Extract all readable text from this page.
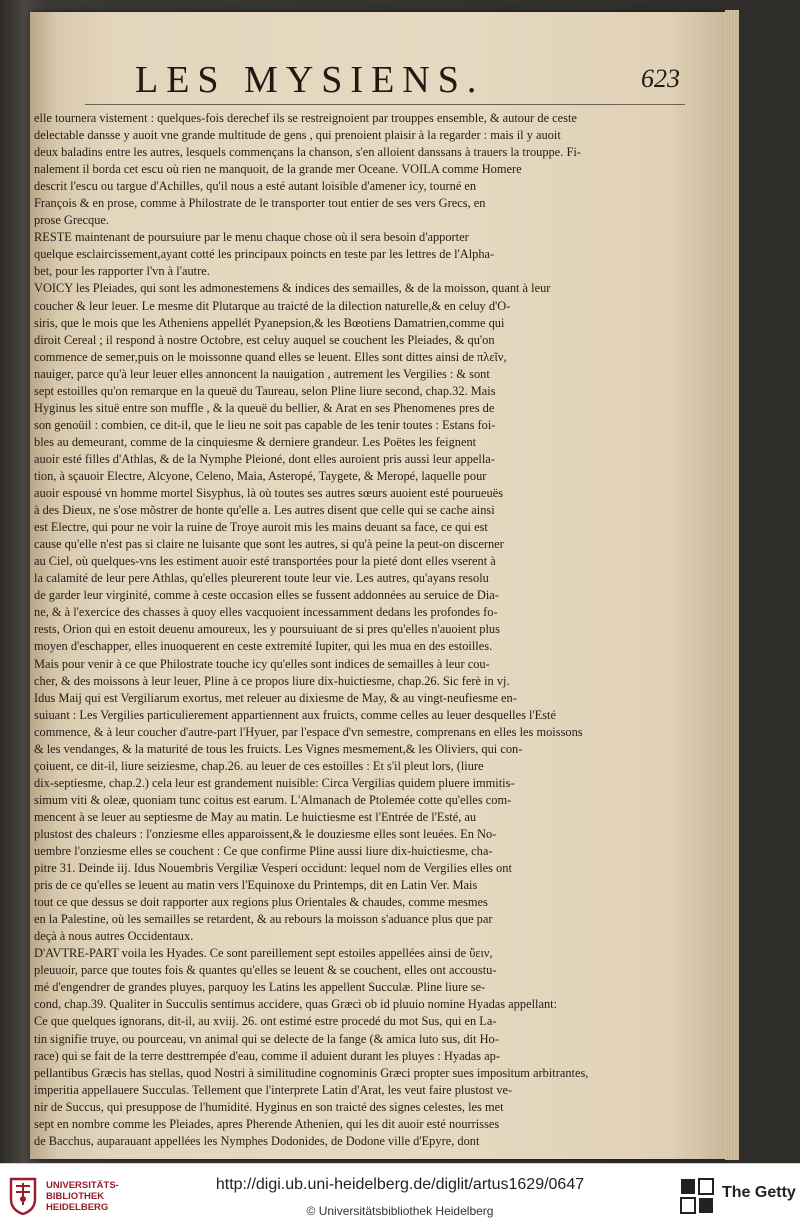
LES MYSIENS.	623

elle tournera vistement : quelques-fois derechef ils se restreignoient par trouppes ensemble, & autour de ceste

delectable dansse y auoit vne grande multitude de gens , qui prenoient plaisir à la regarder : mais il y auoit

deux baladins entre les autres, lesquels commençans la chanson, s'en alloient danssans à trauers la trouppe. Fi-

nalement il borda cet escu où rien ne manquoit, de la grande mer Oceane. VOILA comme Homere

descrit l'escu ou targue d'Achilles, qu'il nous a esté autant loisible d'amener icy, tourné en

François & en prose, comme à Philostrate de le transporter tout entier de ses vers Grecs, en

prose Grecque.

RESTE maintenant de poursuiure par le menu chaque chose où il sera besoin d'apporter

quelque esclaircissement,ayant cotté les principaux poincts en teste par les lettres de l'Alpha-

bet, pour les rapporter l'vn à l'autre.

VOICY les Pleiades, qui sont les admonestemens & indices des semailles, & de la moisson, quant à leur

coucher & leur leuer. Le mesme dit Plutarque au traicté de la dilection naturelle,& en celuy d'O-

siris, que le mois que les Atheniens appellét Pyanepsion,& les Bœotiens Damatrien,comme qui

diroit Cereal ; il respond à nostre Octobre, est celuy auquel se couchent les Pleiades, & qu'on

commence de semer,puis on le moissonne quand elles se leuent. Elles sont dittes ainsi de πλεῖν,

nauiger, parce qu'à leur leuer elles annoncent la nauigation , autrement les Vergilies : & sont

sept estoilles qu'on remarque en la queuë du Taureau, selon Pline liure second, chap.32. Mais

Hyginus les situë entre son muffle , & la queuë du bellier, & Arat en ses Phenomenes pres de

son genoüil : combien, ce dit-il, que le lieu ne soit pas capable de les tenir toutes : Estans foi-

bles au demeurant, comme de la cinquiesme & derniere grandeur. Les Poëtes les feignent

auoir esté filles d'Athlas, & de la Nymphe Pleioné, dont elles auroient pris aussi leur appella-

tion, à sçauoir Electre, Alcyone, Celeno, Maia, Asteropé, Taygete, & Meropé, laquelle pour

auoir espousé vn homme mortel Sisyphus, là où toutes ses autres sœurs auoient esté pourueuës

à des Dieux, ne s'ose mõstrer de honte qu'elle a. Les autres disent que celle qui se cache ainsi

est Electre, qui pour ne voir la ruine de Troye auroit mis les mains deuant sa face, ce qui est

cause qu'elle n'est pas si claire ne luisante que sont les autres, si qu'à peine la peut-on discerner

au Ciel, où quelques-vns les estiment auoir esté transportées pour la pieté dont elles vserent à

la calamité de leur pere Athlas, qu'elles pleurerent toute leur vie. Les autres, qu'ayans resolu

de garder leur virginité, comme à ceste occasion elles se fussent addonnées au seruice de Dia-

ne, & à l'exercice des chasses à quoy elles vacquoient incessamment dedans les profondes fo-

rests, Orion qui en estoit deuenu amoureux, les y poursuiuant de si pres qu'elles n'auoient plus

moyen d'eschapper, elles inuoquerent en ceste extremité Iupiter, qui les mua en des estoilles.

Mais pour venir à ce que Philostrate touche icy qu'elles sont indices de semailles à leur cou-

cher, & des moissons à leur leuer, Pline à ce propos liure dix-huictiesme, chap.26. Sic ferè in vj.

Idus Maij qui est Vergiliarum exortus, met releuer au dixiesme de May, & au vingt-neufiesme en-

suiuant : Les Vergilies particulierement appartiennent aux fruicts, comme celles au leuer desquelles l'Esté

commence, & à leur coucher d'autre-part l'Hyuer, par l'espace d'vn semestre, comprenans en elles les moissons

& les vendanges, & la maturité de tous les fruicts. Les Vignes mesmement,& les Oliviers, qui con-

çoiuent, ce dit-il, liure seiziesme, chap.26. au leuer de ces estoilles : Et s'il pleut lors, (liure

dix-septiesme, chap.2.) cela leur est grandement nuisible: Circa Vergilias quidem pluere immitis-

simum viti & oleæ, quoniam tunc coitus est earum. L'Almanach de Ptolemée cotte qu'elles com-

mencent à se leuer au septiesme de May au matin. Le huictiesme est l'Entrée de l'Esté, au

plustost des chaleurs : l'onziesme elles apparoissent,& le douziesme elles sont leuées. En No-

uembre l'onziesme elles se couchent : Ce que confirme Pline aussi liure dix-huictiesme, cha-

pitre 31. Deinde iij. Idus Nouembris Vergiliæ Vesperi occidunt: lequel nom de Vergilies elles ont

pris de ce qu'elles se leuent au matin vers l'Equinoxe du Printemps, dit en Latin Ver. Mais

tout ce que dessus se doit rapporter aux regions plus Orientales & chaudes, comme mesmes

en la Palestine, où les semailles se retardent, & au rebours la moisson s'aduance plus que par

deçà à nous autres Occidentaux.

D'AVTRE-PART voila les Hyades. Ce sont pareillement sept estoiles appellées ainsi de ὕειν,

pleuuoir, parce que toutes fois & quantes qu'elles se leuent & se couchent, elles ont accoustu-

mé d'engendrer de grandes pluyes, parquoy les Latins les appellent Succulæ. Pline liure se-

cond, chap.39. Qualiter in Succulis sentimus accidere, quas Græci ob id pluuio nomine Hyadas appellant:

Ce que quelques ignorans, dit-il, au xviij. 26. ont estimé estre procedé du mot Sus, qui en La-

tin signifie truye, ou pourceau, vn animal qui se delecte de la fange (& amica luto sus, dit Ho-

race) qui se fait de la terre desttrempée d'eau, comme il aduient durant les pluyes : Hyadas ap-

pellantibus Græcis has stellas, quod Nostri à similitudine cognominis Græci propter sues impositum arbitrantes,

imperitia appellauere Succulas. Tellement que l'interprete Latin d'Arat, les veut faire plustost ve-

nir de Succus, qui presuppose de l'humidité. Hyginus en son traicté des signes celestes, les met

sept en nombre comme les Pleiades, apres Pherende Athenien, qui les dit auoir esté nourrisses

de Bacchus, auparauant appellées les Nymphes Dodonides, de Dodone ville d'Epyre, dont

UNIVERSITÄTS-
BIBLIOTHEK
HEIDELBERG
http://digi.ub.uni-heidelberg.de/diglit/artus1629/0647
© Universitätsbibliothek Heidelberg
The Getty
